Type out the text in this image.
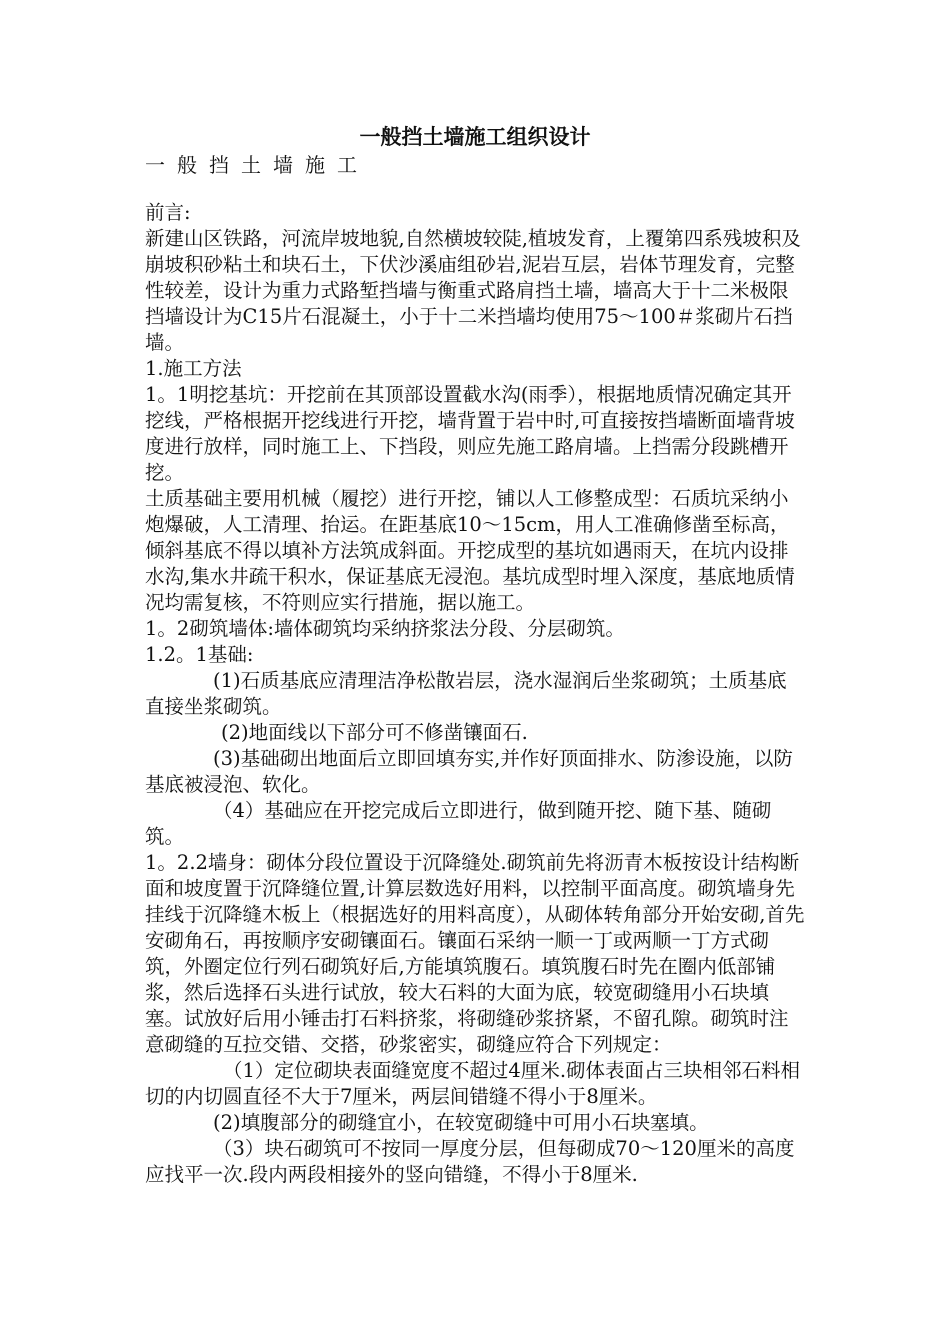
一般挡土墙施工组织设计
一般挡土墙施工

前言:

新建山区铁路，河流岸坡地貌,自然横坡较陡,植坡发育，上覆第四系残坡积及崩坡积砂粘土和块石土，下伏沙溪庙组砂岩,泥岩互层，岩体节理发育，完整性较差，设计为重力式路堑挡墙与衡重式路肩挡土墙，墙高大于十二米极限挡墙设计为C15片石混凝土，小于十二米挡墙均使用75～100＃浆砌片石挡墙。

1.施工方法

1。1明挖基坑：开挖前在其顶部设置截水沟(雨季），根据地质情况确定其开挖线，严格根据开挖线进行开挖，墙背置于岩中时,可直接按挡墙断面墙背坡度进行放样，同时施工上、下挡段，则应先施工路肩墙。上挡需分段跳槽开挖。

土质基础主要用机械（履挖）进行开挖，铺以人工修整成型：石质坑采纳小炮爆破，人工清理、抬运。在距基底10～15cm，用人工准确修凿至标高，倾斜基底不得以填补方法筑成斜面。开挖成型的基坑如遇雨天，在坑内设排水沟,集水井疏干积水，保证基底无浸泡。基坑成型时埋入深度，基底地质情况均需复核，不符则应实行措施，据以施工。

1。2砌筑墙体:墙体砌筑均采纳挤浆法分段、分层砌筑。

1.2。1基础:

(1)石质基底应清理洁净松散岩层，浇水湿润后坐浆砌筑；土质基底直接坐浆砌筑。

(2)地面线以下部分可不修凿镶面石.

(3)基础砌出地面后立即回填夯实,并作好顶面排水、防渗设施，以防基底被浸泡、软化。

（4）基础应在开挖完成后立即进行，做到随开挖、随下基、随砌筑。

1。2.2墙身：砌体分段位置设于沉降缝处.砌筑前先将沥青木板按设计结构断面和坡度置于沉降缝位置,计算层数选好用料，以控制平面高度。砌筑墙身先挂线于沉降缝木板上（根据选好的用料高度），从砌体转角部分开始安砌,首先安砌角石，再按顺序安砌镶面石。镶面石采纳一顺一丁或两顺一丁方式砌筑，外圈定位行列石砌筑好后,方能填筑腹石。填筑腹石时先在圈内低部铺浆，然后选择石头进行试放，较大石料的大面为底，较宽砌缝用小石块填塞。试放好后用小锤击打石料挤浆，将砌缝砂浆挤紧，不留孔隙。砌筑时注意砌缝的互拉交错、交搭，砂浆密实，砌缝应符合下列规定：

（1）定位砌块表面缝宽度不超过4厘米.砌体表面占三块相邻石料相切的内切圆直径不大于7厘米，两层间错缝不得小于8厘米。

(2)填腹部分的砌缝宜小，在较宽砌缝中可用小石块塞填。

（3）块石砌筑可不按同一厚度分层，但每砌成70～120厘米的高度应找平一次.段内两段相接外的竖向错缝，不得小于8厘米.
